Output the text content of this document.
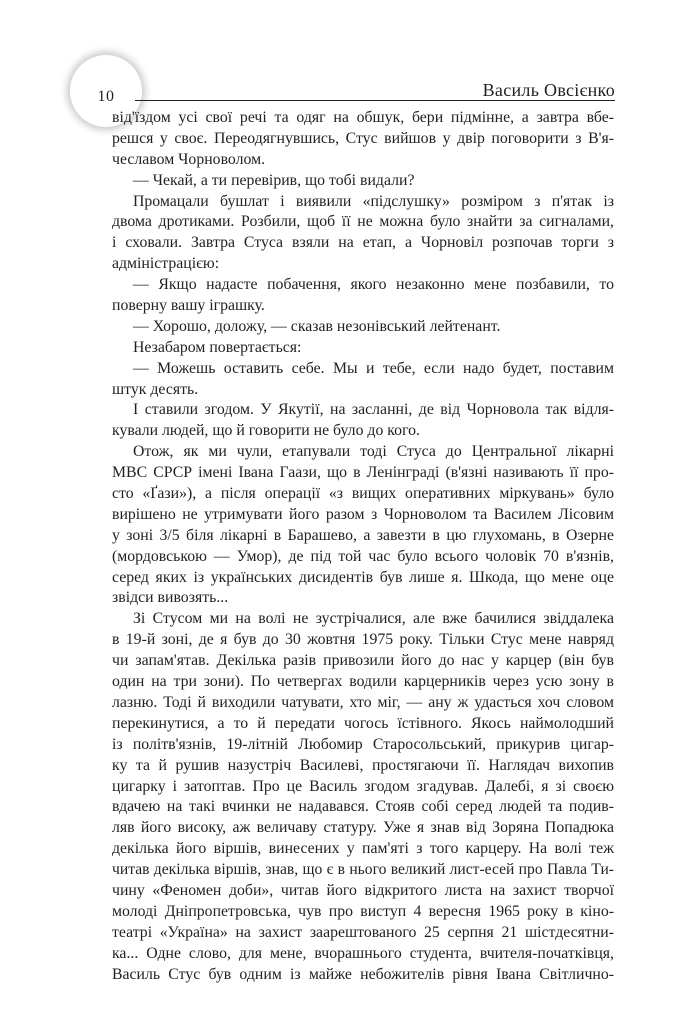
10	Василь Овсієнко
від'їздом усі свої речі та одяг на обшук, бери підмінне, а завтра вбе-
решся у своє. Переодягнувшись, Стус вийшов у двір поговорити з В'я-
чеславом Чорноволом.
— Чекай, а ти перевірив, що тобі видали?
Промацали бушлат і виявили «підслушку» розміром з п'ятак із
двома дротиками. Розбили, щоб її не можна було знайти за сигналами,
і сховали. Завтра Стуса взяли на етап, а Чорновіл розпочав торги з
адміністрацією:
— Якщо надасте побачення, якого незаконно мене позбавили, то
поверну вашу іграшку.
— Хорошо, доложу, — сказав незонівський лейтенант.
Незабаром повертається:
— Можешь оставить себе. Мы и тебе, если надо будет, поставим
штук десять.
І ставили згодом. У Якутії, на засланні, де від Чорновола так відля-
кували людей, що й говорити не було до кого.
Отож, як ми чули, етапували тоді Стуса до Центральної лікарні
МВС СРСР імені Івана Гаази, що в Ленінграді (в'язні називають її про-
сто «Ґази»), а після операції «з вищих оперативних міркувань» було
вирішено не утримувати його разом з Чорноволом та Василем Лісовим
у зоні 3/5 біля лікарні в Барашево, а завезти в цю глухомань, в Озерне
(мордовською — Умор), де під той час було всього чоловік 70 в'язнів,
серед яких із українських дисидентів був лише я. Шкода, що мене оце
звідси вивозять...
Зі Стусом ми на волі не зустрічалися, але вже бачилися звіддалека
в 19-й зоні, де я був до 30 жовтня 1975 року. Тільки Стус мене навряд
чи запам'ятав. Декілька разів привозили його до нас у карцер (він був
один на три зони). По четвергах водили карцерників через усю зону в
лазню. Тоді й виходили чатувати, хто міг, — ану ж удасться хоч словом
перекинутися, а то й передати чогось їстівного. Якось наймолодший
із політв'язнів, 19-літній Любомир Старосольський, прикурив цигар-
ку та й рушив назустріч Василеві, простягаючи її. Наглядач вихопив
цигарку і затоптав. Про це Василь згодом згадував. Далебі, я зі своєю
вдачею на такі вчинки не надавався. Стояв собі серед людей та подив-
ляв його високу, аж величаву статуру. Уже я знав від Зоряна Попадюка
декілька його віршів, винесених у пам'яті з того карцеру. На волі теж
читав декілька віршів, знав, що є в нього великий лист-есей про Павла Ти-
чину «Феномен доби», читав його відкритого листа на захист творчої
молоді Дніпропетровська, чув про виступ 4 вересня 1965 року в кіно-
театрі «Україна» на захист заарештованого 25 серпня 21 шістдесятни-
ка... Одне слово, для мене, вчорашнього студента, вчителя-початківця,
Василь Стус був одним із майже небожителів рівня Івана Світлично-
